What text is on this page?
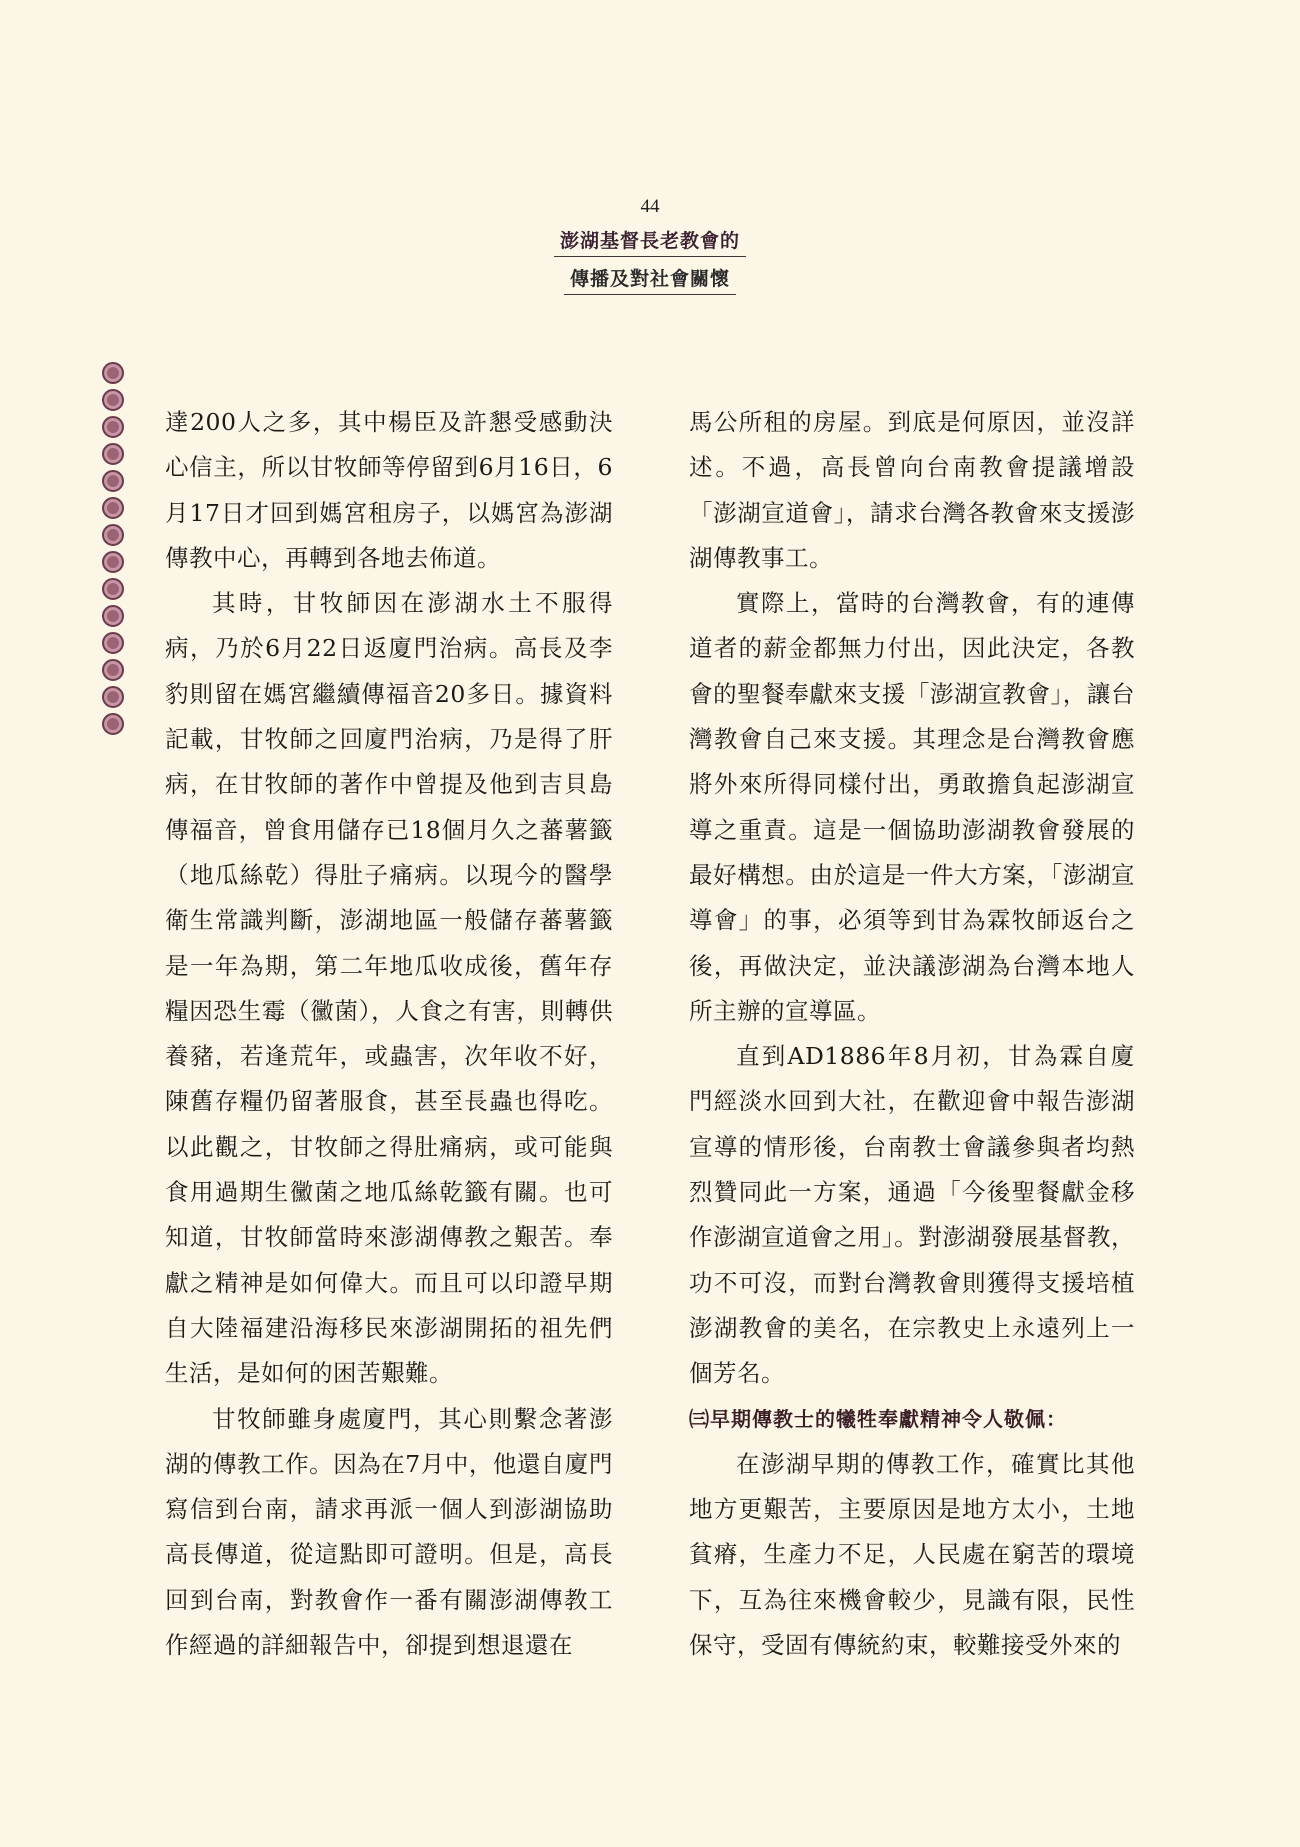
44
澎湖基督長老教會的
傳播及對社會關懷

達200人之多，其中楊臣及許懇受感動決心信主，所以甘牧師等停留到6月16日，6月17日才回到媽宮租房子，以媽宮為澎湖傳教中心，再轉到各地去佈道。

其時，甘牧師因在澎湖水土不服得病，乃於6月22日返廈門治病。高長及李豹則留在媽宮繼續傳福音20多日。據資料記載，甘牧師之回廈門治病，乃是得了肝病，在甘牧師的著作中曾提及他到吉貝島傳福音，曾食用儲存已18個月久之蕃薯籤（地瓜絲乾）得肚子痛病。以現今的醫學衛生常識判斷，澎湖地區一般儲存蕃薯籤是一年為期，第二年地瓜收成後，舊年存糧因恐生霉（黴菌），人食之有害，則轉供養豬，若逢荒年，或蟲害，次年收不好，陳舊存糧仍留著服食，甚至長蟲也得吃。以此觀之，甘牧師之得肚痛病，或可能與食用過期生黴菌之地瓜絲乾籤有關。也可知道，甘牧師當時來澎湖傳教之艱苦。奉獻之精神是如何偉大。而且可以印證早期自大陸福建沿海移民來澎湖開拓的祖先們生活，是如何的困苦艱難。

甘牧師雖身處廈門，其心則繫念著澎湖的傳教工作。因為在7月中，他還自廈門寫信到台南，請求再派一個人到澎湖協助高長傳道，從這點即可證明。但是，高長回到台南，對教會作一番有關澎湖傳教工作經過的詳細報告中，卻提到想退還在

馬公所租的房屋。到底是何原因，並沒詳述。不過，高長曾向台南教會提議增設「澎湖宣道會」，請求台灣各教會來支援澎湖傳教事工。

實際上，當時的台灣教會，有的連傳道者的薪金都無力付出，因此決定，各教會的聖餐奉獻來支援「澎湖宣教會」，讓台灣教會自己來支援。其理念是台灣教會應將外來所得同樣付出，勇敢擔負起澎湖宣導之重責。這是一個協助澎湖教會發展的最好構想。由於這是一件大方案，「澎湖宣導會」的事，必須等到甘為霖牧師返台之後，再做決定，並決議澎湖為台灣本地人所主辦的宣導區。

直到AD1886年8月初，甘為霖自廈門經淡水回到大社，在歡迎會中報告澎湖宣導的情形後，台南教士會議參與者均熱烈贊同此一方案，通過「今後聖餐獻金移作澎湖宣道會之用」。對澎湖發展基督教，功不可沒，而對台灣教會則獲得支援培植澎湖教會的美名，在宗教史上永遠列上一個芳名。

㈢早期傳教士的犧牲奉獻精神令人敬佩：

在澎湖早期的傳教工作，確實比其他地方更艱苦，主要原因是地方太小，土地貧瘠，生產力不足，人民處在窮苦的環境下，互為往來機會較少，見識有限，民性保守，受固有傳統約束，較難接受外來的
